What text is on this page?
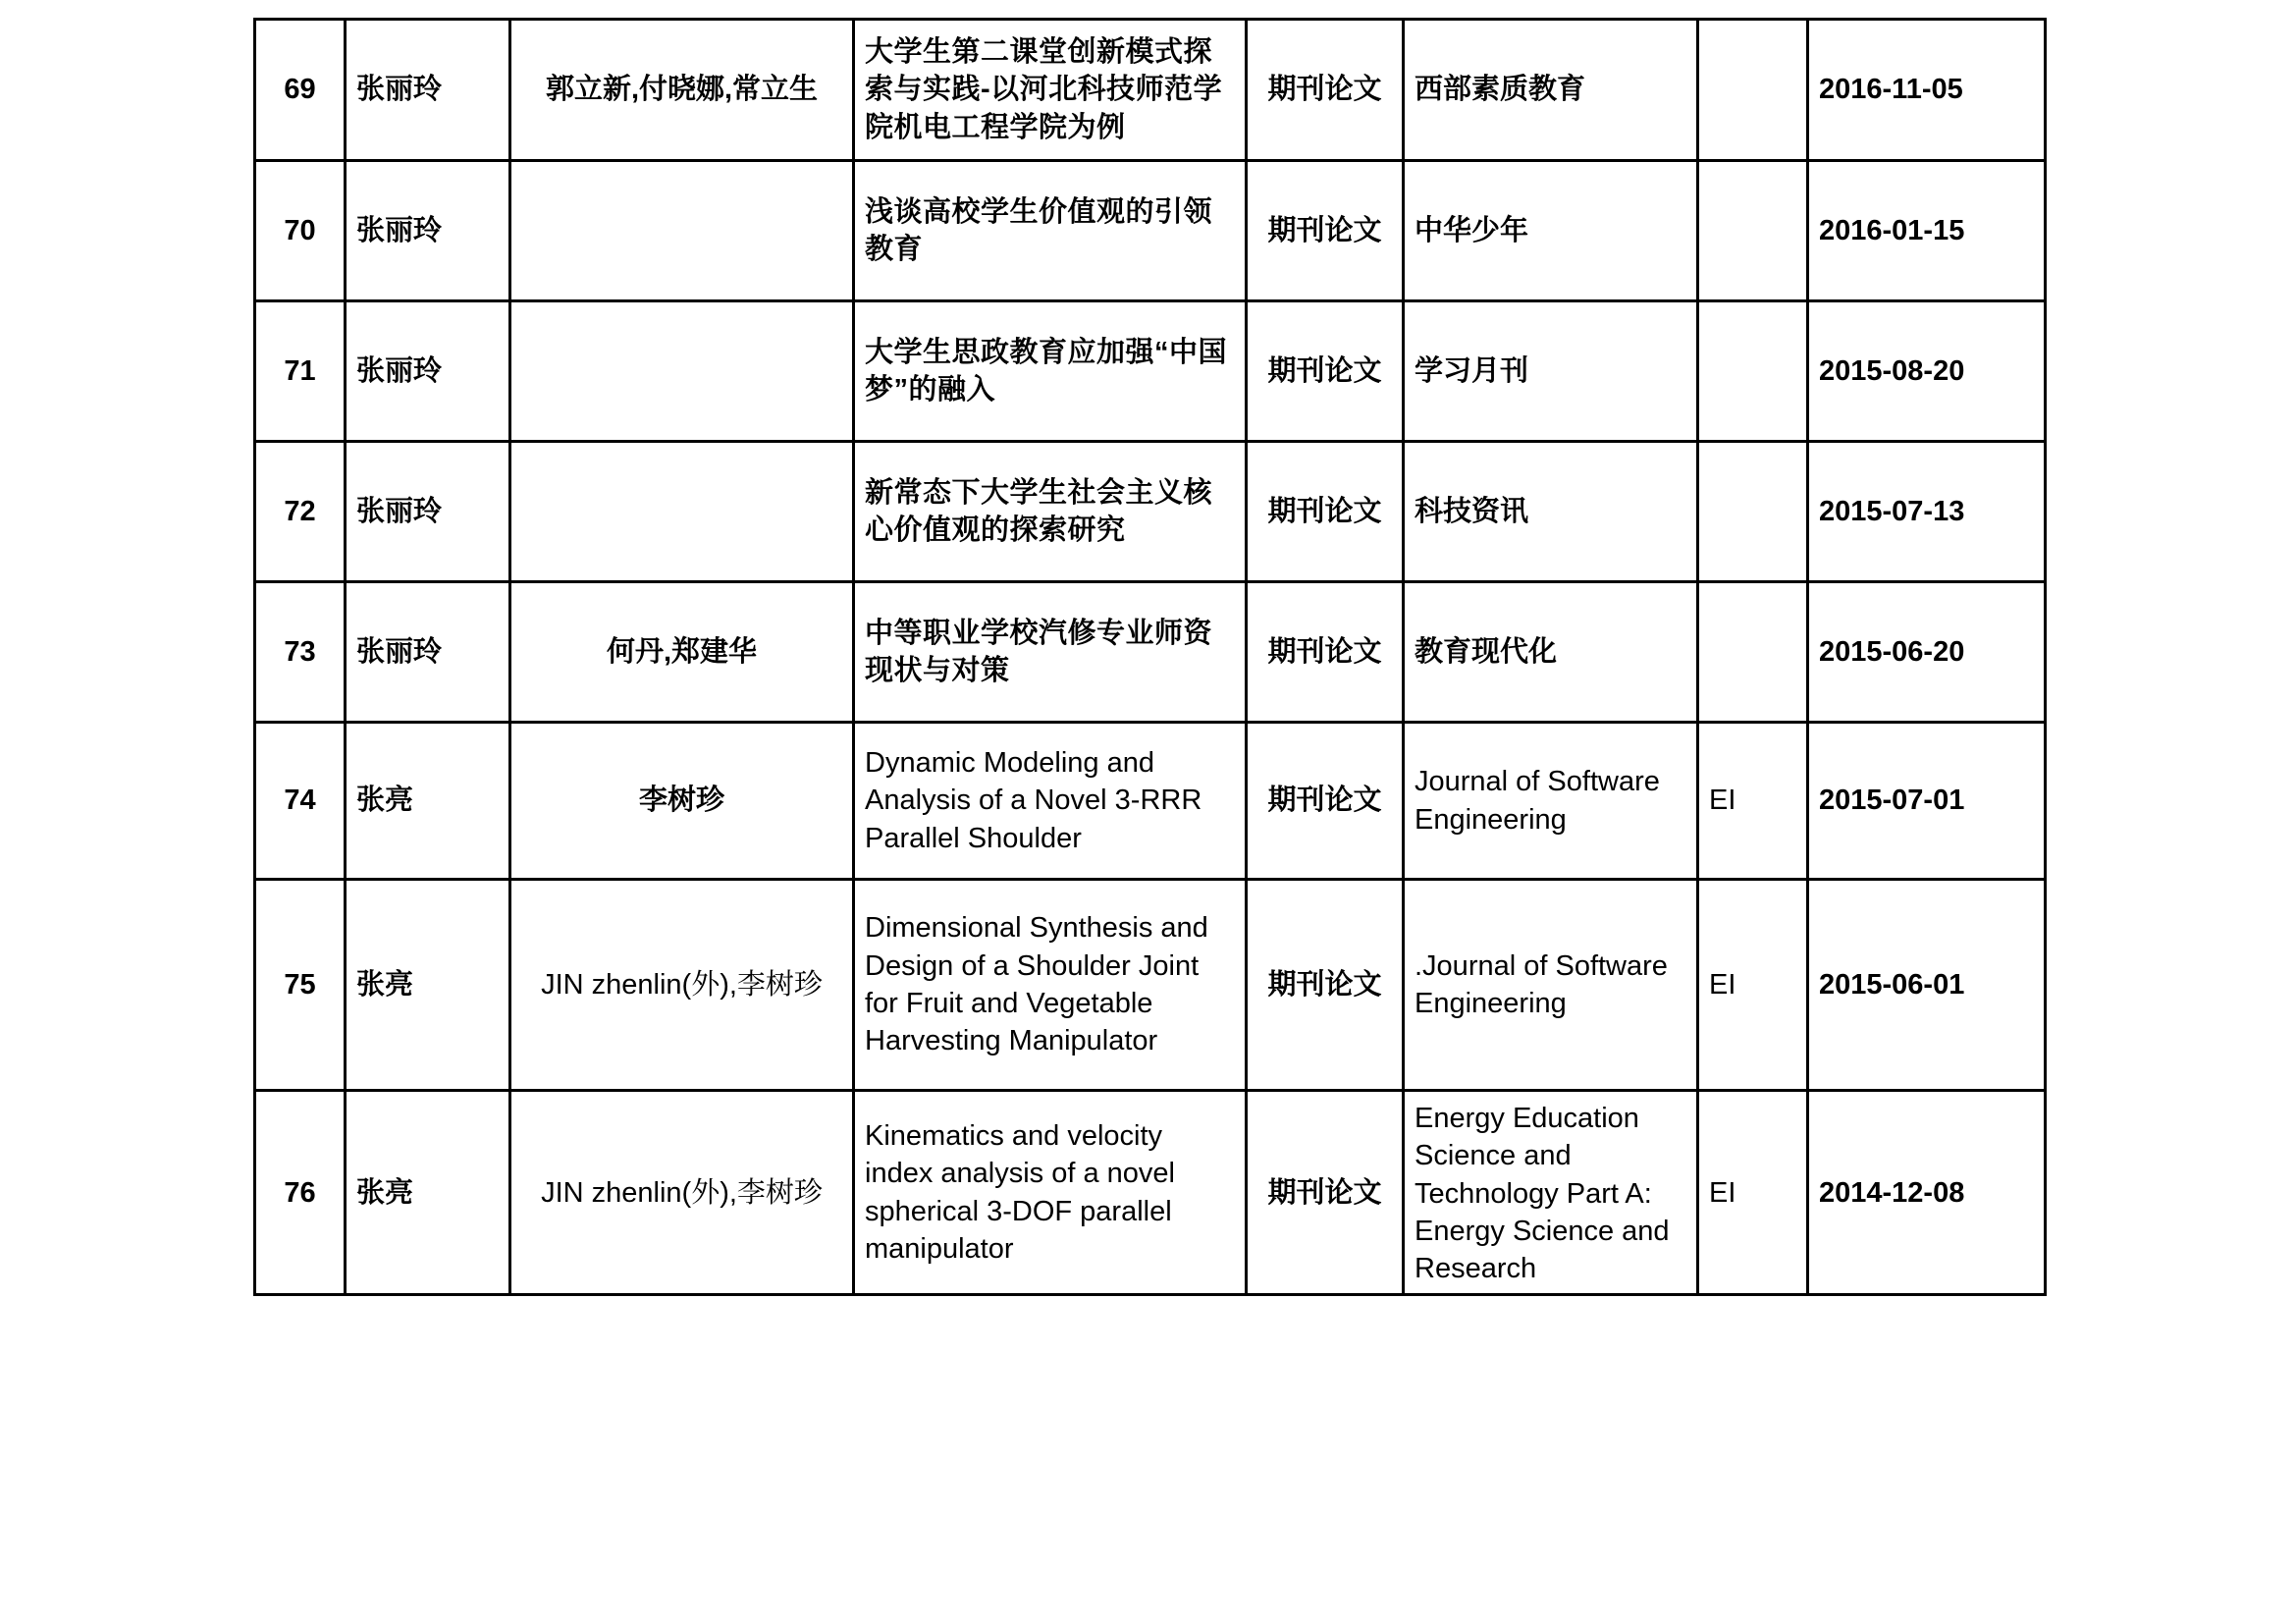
69	张丽玲	郭立新,付晓娜,常立生	大学生第二课堂创新模式探索与实践-以河北科技师范学院机电工程学院为例	期刊论文	西部素质教育		2016-11-05
70	张丽玲		浅谈高校学生价值观的引领教育	期刊论文	中华少年		2016-01-15
71	张丽玲		大学生思政教育应加强“中国梦”的融入	期刊论文	学习月刊		2015-08-20
72	张丽玲		新常态下大学生社会主义核心价值观的探索研究	期刊论文	科技资讯		2015-07-13
73	张丽玲	何丹,郑建华	中等职业学校汽修专业师资现状与对策	期刊论文	教育现代化		2015-06-20
74	张亮	李树珍	Dynamic Modeling and Analysis of a Novel 3-RRR Parallel Shoulder	期刊论文	Journal of Software Engineering	EI	2015-07-01
75	张亮	JIN zhenlin(外),李树珍	Dimensional Synthesis and Design of a Shoulder Joint for Fruit and Vegetable Harvesting Manipulator	期刊论文	.Journal of Software Engineering	EI	2015-06-01
76	张亮	JIN zhenlin(外),李树珍	Kinematics and velocity index analysis of a novel spherical 3-DOF parallel manipulator	期刊论文	Energy Education Science and Technology Part A: Energy Science and Research	EI	2014-12-08
